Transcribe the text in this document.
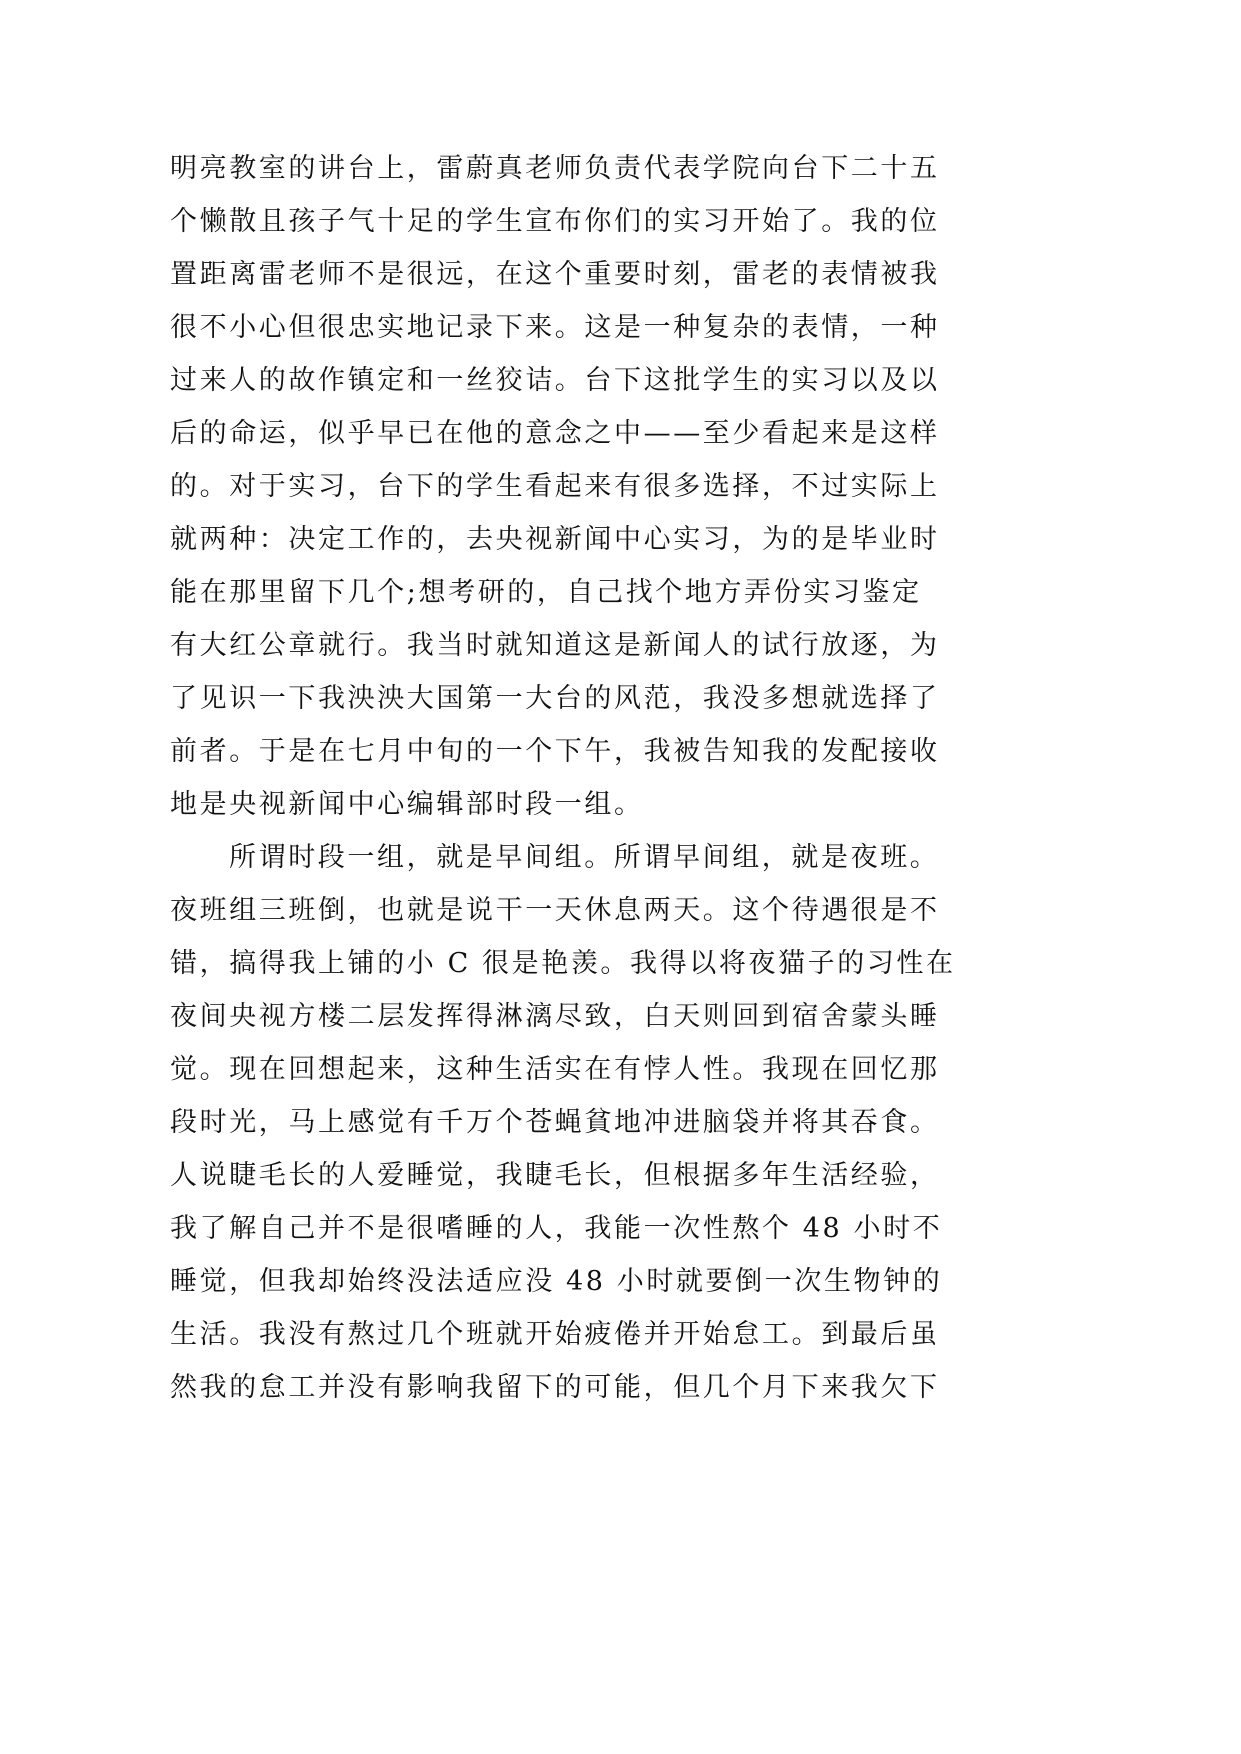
明亮教室的讲台上，雷蔚真老师负责代表学院向台下二十五
个懒散且孩子气十足的学生宣布你们的实习开始了。我的位
置距离雷老师不是很远，在这个重要时刻，雷老的表情被我
很不小心但很忠实地记录下来。这是一种复杂的表情，一种
过来人的故作镇定和一丝狡诘。台下这批学生的实习以及以
后的命运，似乎早已在他的意念之中——至少看起来是这样
的。对于实习，台下的学生看起来有很多选择，不过实际上
就两种：决定工作的，去央视新闻中心实习，为的是毕业时
能在那里留下几个;想考研的，自己找个地方弄份实习鉴定
有大红公章就行。我当时就知道这是新闻人的试行放逐，为
了见识一下我泱泱大国第一大台的风范，我没多想就选择了
前者。于是在七月中旬的一个下午，我被告知我的发配接收
地是央视新闻中心编辑部时段一组。
所谓时段一组，就是早间组。所谓早间组，就是夜班。
夜班组三班倒，也就是说干一天休息两天。这个待遇很是不
错，搞得我上铺的小 C 很是艳羡。我得以将夜猫子的习性在
夜间央视方楼二层发挥得淋漓尽致，白天则回到宿舍蒙头睡
觉。现在回想起来，这种生活实在有悖人性。我现在回忆那
段时光，马上感觉有千万个苍蝇貧地冲进脑袋并将其吞食。
人说睫毛长的人爱睡觉，我睫毛长，但根据多年生活经验，
我了解自己并不是很嗜睡的人，我能一次性熬个 48 小时不
睡觉，但我却始终没法适应没 48 小时就要倒一次生物钟的
生活。我没有熬过几个班就开始疲倦并开始怠工。到最后虽
然我的怠工并没有影响我留下的可能，但几个月下来我欠下
